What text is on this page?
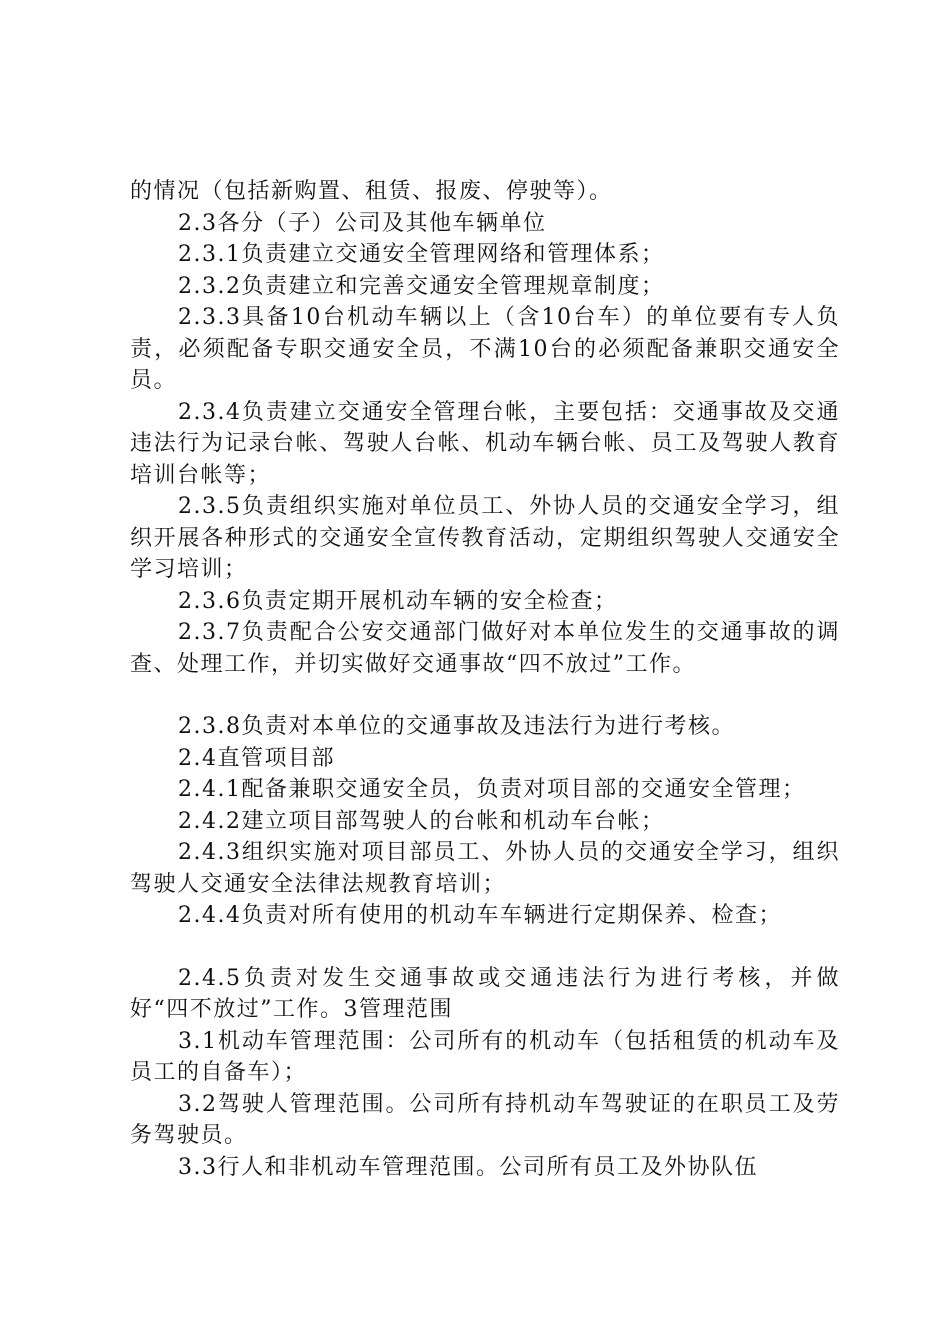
的情况（包括新购置、租赁、报废、停驶等）。

2.3各分（子）公司及其他车辆单位

2.3.1负责建立交通安全管理网络和管理体系；

2.3.2负责建立和完善交通安全管理规章制度；

2.3.3具备10台机动车辆以上（含10台车）的单位要有专人负责，必须配备专职交通安全员，不满10台的必须配备兼职交通安全员。

2.3.4负责建立交通安全管理台帐，主要包括：交通事故及交通违法行为记录台帐、驾驶人台帐、机动车辆台帐、员工及驾驶人教育培训台帐等；

2.3.5负责组织实施对单位员工、外协人员的交通安全学习，组织开展各种形式的交通安全宣传教育活动，定期组织驾驶人交通安全学习培训；

2.3.6负责定期开展机动车辆的安全检查；

2.3.7负责配合公安交通部门做好对本单位发生的交通事故的调查、处理工作，并切实做好交通事故“四不放过”工作。

2.3.8负责对本单位的交通事故及违法行为进行考核。

2.4直管项目部

2.4.1配备兼职交通安全员，负责对项目部的交通安全管理；

2.4.2建立项目部驾驶人的台帐和机动车台帐；

2.4.3组织实施对项目部员工、外协人员的交通安全学习，组织驾驶人交通安全法律法规教育培训；

2.4.4负责对所有使用的机动车车辆进行定期保养、检查；

2.4.5负责对发生交通事故或交通违法行为进行考核，并做好“四不放过”工作。3管理范围

3.1机动车管理范围：公司所有的机动车（包括租赁的机动车及员工的自备车）；

3.2驾驶人管理范围。公司所有持机动车驾驶证的在职员工及劳务驾驶员。

3.3行人和非机动车管理范围。公司所有员工及外协队伍
